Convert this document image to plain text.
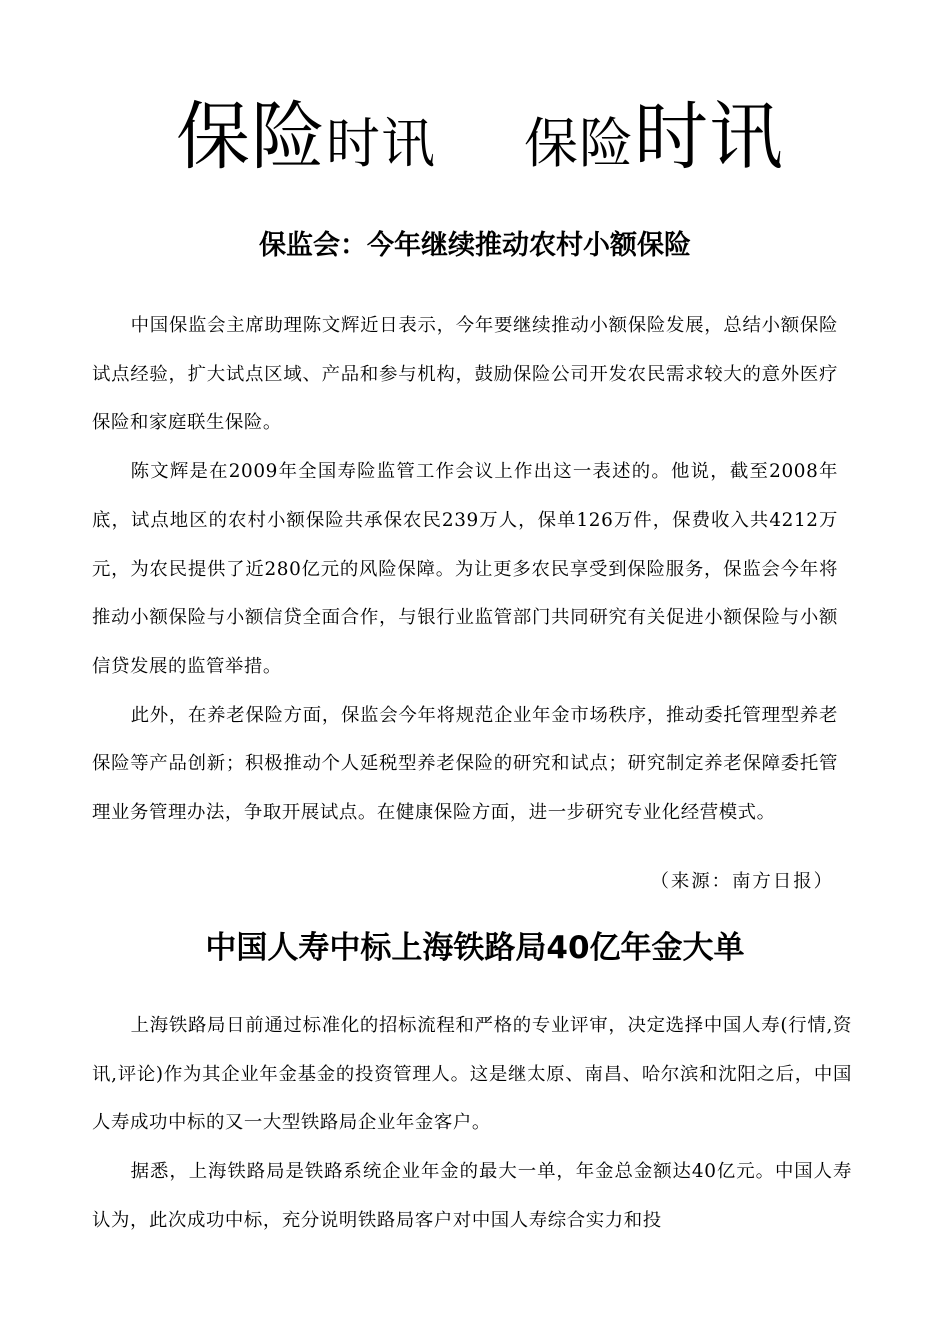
保险时讯 保险时讯
保监会：今年继续推动农村小额保险

中国保监会主席助理陈文辉近日表示，今年要继续推动小额保险发展，总结小额保险试点经验，扩大试点区域、产品和参与机构，鼓励保险公司开发农民需求较大的意外医疗保险和家庭联生保险。

陈文辉是在2009年全国寿险监管工作会议上作出这一表述的。他说，截至2008年底，试点地区的农村小额保险共承保农民239万人，保单126万件，保费收入共4212万元，为农民提供了近280亿元的风险保障。为让更多农民享受到保险服务，保监会今年将推动小额保险与小额信贷全面合作，与银行业监管部门共同研究有关促进小额保险与小额信贷发展的监管举措。

此外，在养老保险方面，保监会今年将规范企业年金市场秩序，推动委托管理型养老保险等产品创新；积极推动个人延税型养老保险的研究和试点；研究制定养老保障委托管理业务管理办法，争取开展试点。在健康保险方面，进一步研究专业化经营模式。

（来源：南方日报）
中国人寿中标上海铁路局40亿年金大单

上海铁路局日前通过标准化的招标流程和严格的专业评审，决定选择中国人寿(行情,资讯,评论)作为其企业年金基金的投资管理人。这是继太原、南昌、哈尔滨和沈阳之后，中国人寿成功中标的又一大型铁路局企业年金客户。

据悉，上海铁路局是铁路系统企业年金的最大一单，年金总金额达40亿元。中国人寿认为，此次成功中标，充分说明铁路局客户对中国人寿综合实力和投
